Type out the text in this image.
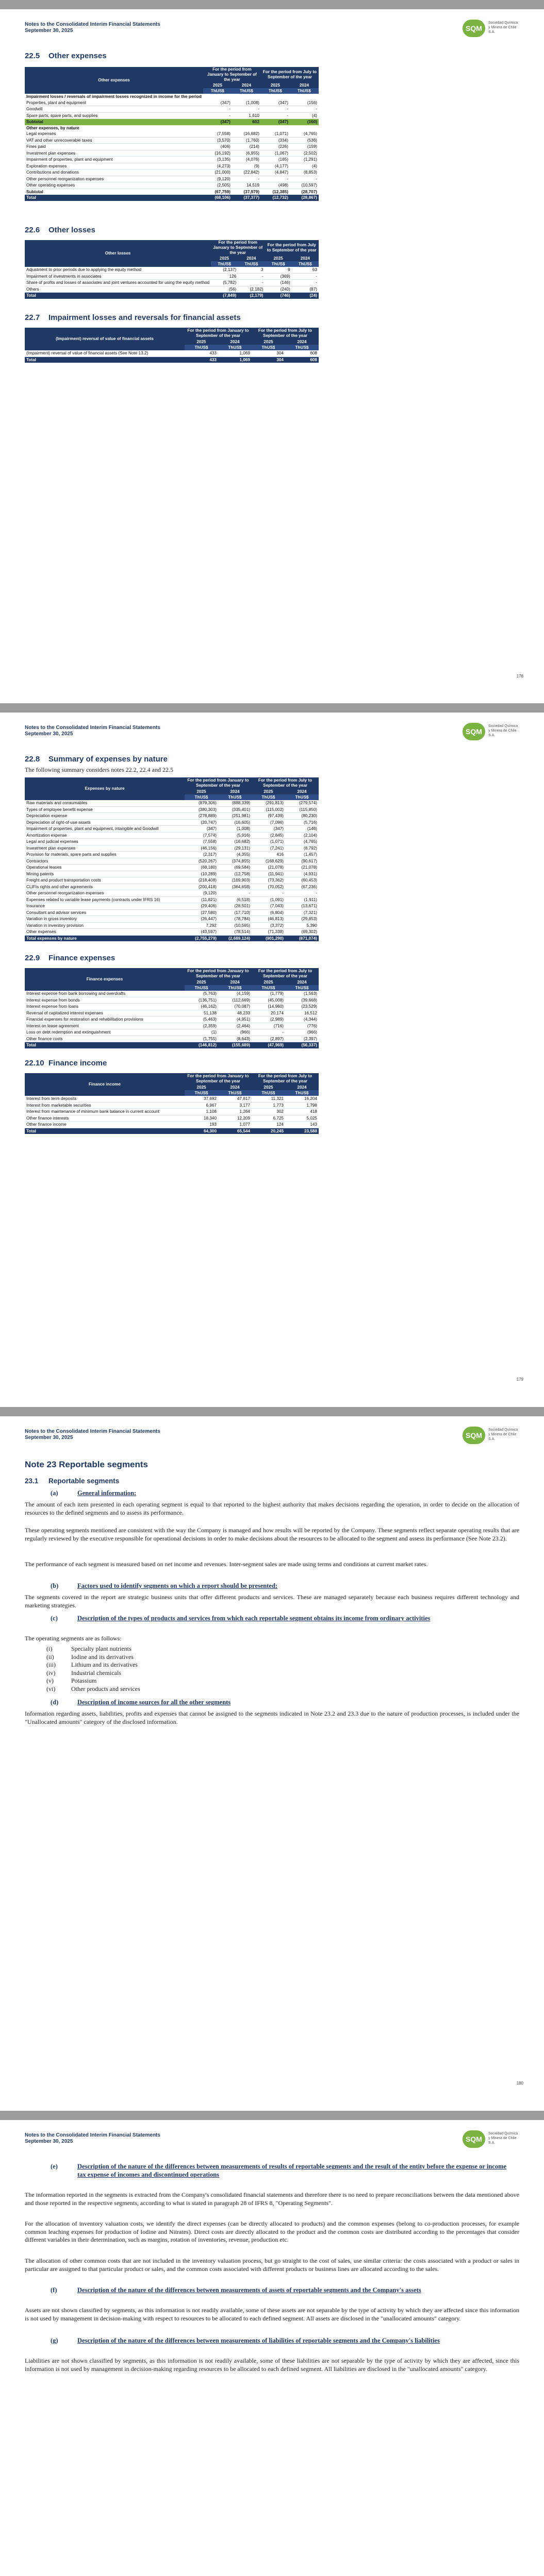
Notes to the Consolidated Interim Financial Statements
September 30, 2025	SQM
Sociedad Química y Minera de Chile S.A.
22.5 Other expenses
Other expenses	For the period from January to September of the year		For the period from July to September of the year	
	2025	2024	2025	2024
	ThUS$	ThUS$	ThUS$	ThUS$
Impairment losses / reversals of impairment losses recognized in income for the period				
Properties, plant and equipment	(347)	(1,008)	(347)	(156)
Goodwill	-	-	-	-
Spare parts, spare parts, and supplies	-	1,610	-	(4)
Subtotal	(347)	602	(347)	(160)
Other expenses, by nature				
Legal expenses	(7,558)	(16,682)	(1,071)	(4,765)
VAT and other unrecoverable taxes	(3,570)	(1,760)	(334)	(536)
Fines paid	(406)	(214)	(226)	(159)
Investment plan expenses	(16,192)	(6,955)	(1,067)	(2,502)
Impairment of properties, plant and equipment	(3,135)	(4,076)	(165)	(1,291)
Exploration expenses	(4,273)	(9)	(4,177)	(4)
Contributions and donations	(21,000)	(22,842)	(4,847)	(8,853)
Other personnel reorganization expenses	(9,120)	-	-	-
Other operating expenses	(2,505)	14,519	(498)	(10,597)
Subtotal	(67,759)	(37,979)	(12,385)	(28,707)
Total	(68,106)	(37,377)	(12,732)	(28,867)
22.6 Other losses
Other losses	For the period from January to September of the year		For the period from July to September of the year	
	2025	2024	2025	2024
	ThUS$	ThUS$	ThUS$	ThUS$
Adjustment to prior periods due to applying the equity method	(2,137)	3	9	63
Impairment of investments in associates	126	-	(369)	-
Share of profits and losses of associates and joint ventures accounted for using the equity method	(5,782)	-	(146)	-
Others	(56)	(2,182)	(240)	(87)
Total	(7,849)	(2,179)	(746)	(24)
22.7 Impairment losses and reversals for financial assets
(Impairment) reversal of value of financial assets	For the period from January to September of the year		For the period from July to September of the year	
	2025	2024	2025	2024
	ThUS$	ThUS$	ThUS$	ThUS$
(Impairment) reversal of value of financial assets (See Note 13.2)	433	1,069	304	608
Total	433	1,069	304	608
178
Notes to the Consolidated Interim Financial Statements
September 30, 2025	SQM
Sociedad Química y Minera de Chile S.A.
22.8 Summary of expenses by nature
The following summary considers notes 22.2, 22.4 and 22.5
Expenses by nature	For the period from January to September of the year		For the period from July to September of the year	
	2025	2024	2025	2024
	ThUS$	ThUS$	ThUS$	ThUS$
Raw materials and consumables	(879,306)	(888,339)	(291,813)	(279,574)
Types of employee benefit expense	(380,303)	(335,401)	(115,002)	(115,850)
Depreciation expense	(278,889)	(251,981)	(97,439)	(80,230)
Depreciation of right-of-use assets	(20,747)	(16,605)	(7,096)	(5,716)
Impairment of properties, plant and equipment, intangible and Goodwill	(347)	(1,008)	(347)	(146)
Amortization expense	(7,574)	(5,916)	(2,845)	(2,104)
Legal and judicial expenses	(7,558)	(16,682)	(1,071)	(4,765)
Investment plan expenses	(46,156)	(29,131)	(7,241)	(8,792)
Provision for materials, spare parts and supplies	(2,317)	(4,355)	416	(1,457)
Contractors	(520,267)	(374,855)	(168,629)	(90,617)
Operational leases	(68,180)	(69,584)	(21,078)	(21,078)
Mining patents	(10,289)	(12,758)	(11,941)	(4,931)
Freight and product transportation costs	(218,408)	(169,903)	(73,362)	(60,453)
CLIFIs rights and other agreements	(200,418)	(364,658)	(70,052)	(67,236)
Other personnel reorganization expenses	(9,120)	-	-	-
Expenses related to variable lease payments (contracts under IFRS 16)	(11,821)	(6,518)	(1,091)	(1,911)
Insurance	(29,406)	(28,501)	(7,043)	(13,671)
Consultant and advisor services	(27,580)	(17,710)	(6,804)	(7,321)
Variation in gross inventory	(26,447)	(78,784)	(46,813)	(29,853)
Variation in inventory provision	7,292	(10,565)	(3,372)	5,390
Other expenses	(43,597)	(78,514)	(71,338)	(69,302)
Total expenses by nature	(2,755,279)	(2,689,124)	(901,290)	(871,074)
22.9 Finance expenses
Finance expenses	For the period from January to September of the year		For the period from July to September of the year	
	2025	2024	2025	2024
	ThUS$	ThUS$	ThUS$	ThUS$
Interest expense from bank borrowing and overdrafts	(5,763)	(4,159)	(1,779)	(1,563)
Interest expense from bonds	(136,751)	(112,669)	(45,008)	(39,668)
Interest expense from loans	(46,162)	(70,087)	(14,960)	(23,529)
Reversal of capitalized interest expenses	51,138	48,233	20,174	16,512
Financial expenses for restoration and rehabilitation provisions	(5,463)	(4,951)	(2,989)	(4,344)
Interest on lease agreement	(2,359)	(2,464)	(716)	(776)
Loss on debt redemption and extinguishment	(1)	(966)	-	(966)
Other finance costs	(1,755)	(8,643)	(2,897)	(2,397)
Total	(146,812)	(155,689)	(47,969)	(56,337)
22.10 Finance income
Finance income	For the period from January to September of the year		For the period from July to September of the year	
	2025	2024	2025	2024
	ThUS$	ThUS$	ThUS$	ThUS$
Interest from term deposits	37,692	47,817	11,321	16,204
Interest from marketable securities	6,967	3,177	1,773	1,798
Interest from maintenance of minimum bank balance in current account	1,108	1,264	302	418
Other finance interests	18,340	12,209	6,725	5,025
Other finance income	193	1,077	124	143
Total	64,300	65,544	20,245	23,588
179
Notes to the Consolidated Interim Financial Statements
September 30, 2025	SQM
Sociedad Química y Minera de Chile S.A.
Note 23 Reportable segments
23.1 Reportable segments
(a)	General information:
The amount of each item presented in each operating segment is equal to that reported to the highest authority that makes decisions regarding the operation, in order to decide on the allocation of resources to the defined segments and to assess its performance.
These operating segments mentioned are consistent with the way the Company is managed and how results will be reported by the Company. These segments reflect separate operating results that are regularly reviewed by the executive responsible for operational decisions in order to make decisions about the resources to be allocated to the segment and assess its performance (See Note 23.2).
The performance of each segment is measured based on net income and revenues. Inter-segment sales are made using terms and conditions at current market rates.
(b)	Factors used to identify segments on which a report should be presented:
The segments covered in the report are strategic business units that offer different products and services. These are managed separately because each business requires different technology and marketing strategies.
(c)	Description of the types of products and services from which each reportable segment obtains its income from ordinary activities
The operating segments are as follows:
(i)	Specialty plant nutrients
(ii)	Iodine and its derivatives
(iii)	Lithium and its derivatives
(iv)	Industrial chemicals
(v)	Potassium
(vi)	Other products and services
(d)	Description of income sources for all the other segments
Information regarding assets, liabilities, profits and expenses that cannot be assigned to the segments indicated in Note 23.2 and 23.3 due to the nature of production processes, is included under the "Unallocated amounts" category of the disclosed information.
180
Notes to the Consolidated Interim Financial Statements
September 30, 2025	SQM
Sociedad Química y Minera de Chile S.A.
(e)	Description of the nature of the differences between measurements of results of reportable segments and the result of the entity before the expense or income tax expense of incomes and discontinued operations
The information reported in the segments is extracted from the Company's consolidated financial statements and therefore there is no need to prepare reconciliations between the data mentioned above and those reported in the respective segments, according to what is stated in paragraph 28 of IFRS 8, "Operating Segments".
For the allocation of inventory valuation costs, we identify the direct expenses (can be directly allocated to products) and the common expenses (belong to co-production processes, for example common leaching expenses for production of Iodine and Nitrates). Direct costs are directly allocated to the product and the common costs are distributed according to the percentages that consider different variables in their determination, such as margins, rotation of inventories, revenue, production etc.
The allocation of other common costs that are not included in the inventory valuation process, but go straight to the cost of sales, use similar criteria: the costs associated with a product or sales in particular are assigned to that particular product or sales, and the common costs associated with different products or business lines are allocated according to the sales.
(f)	Description of the nature of the differences between measurements of assets of reportable segments and the Company's assets
Assets are not shown classified by segments, as this information is not readily available, some of these assets are not separable by the type of activity by which they are affected since this information is not used by management in decision-making with respect to resources to be allocated to each defined segment. All assets are disclosed in the "unallocated amounts" category.
(g)	Description of the nature of the differences between measurements of liabilities of reportable segments and the Company's liabilities
Liabilities are not shown classified by segments, as this information is not readily available, some of these liabilities are not separable by the type of activity by which they are affected, since this information is not used by management in decision-making regarding resources to be allocated to each defined segment. All liabilities are disclosed in the "unallocated amounts" category.
